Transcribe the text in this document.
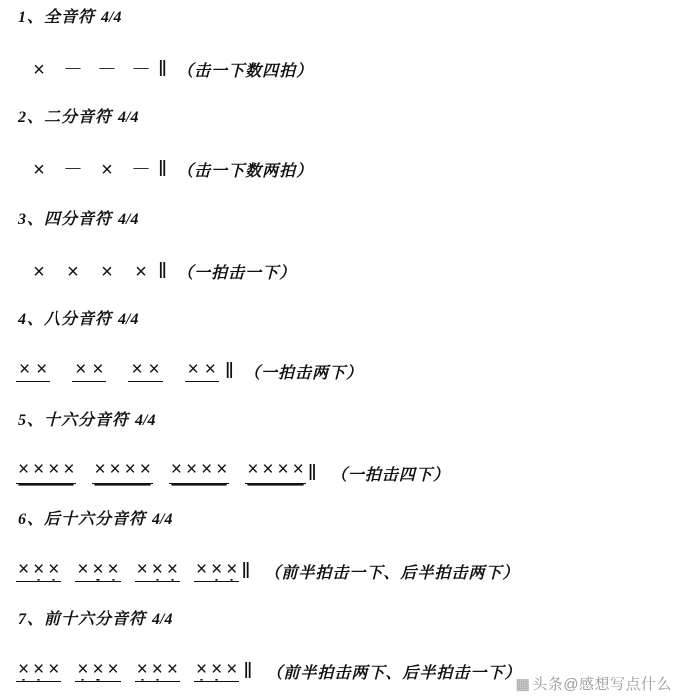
1、全音符 4/4
× － － － ‖ （击一下数四拍）
2、二分音符 4/4
× － × － ‖ （击一下数两拍）
3、四分音符 4/4
×	×	×	× ‖ （一拍击一下）
4、八分音符 4/4
× × × × × × × × ‖ （一拍击两下）
5、十六分音符 4/4
× × × × × × × × × × × × × × × × ‖ （一拍击四下）
6、后十六分音符 4/4
× × × × × × × × × × × × ‖ （前半拍击一下、后半拍击两下）
7、前十六分音符 4/4
× × × × × × × × × × × × ‖ （前半拍击两下、后半拍击一下）
▦ 头条@感想写点什么
